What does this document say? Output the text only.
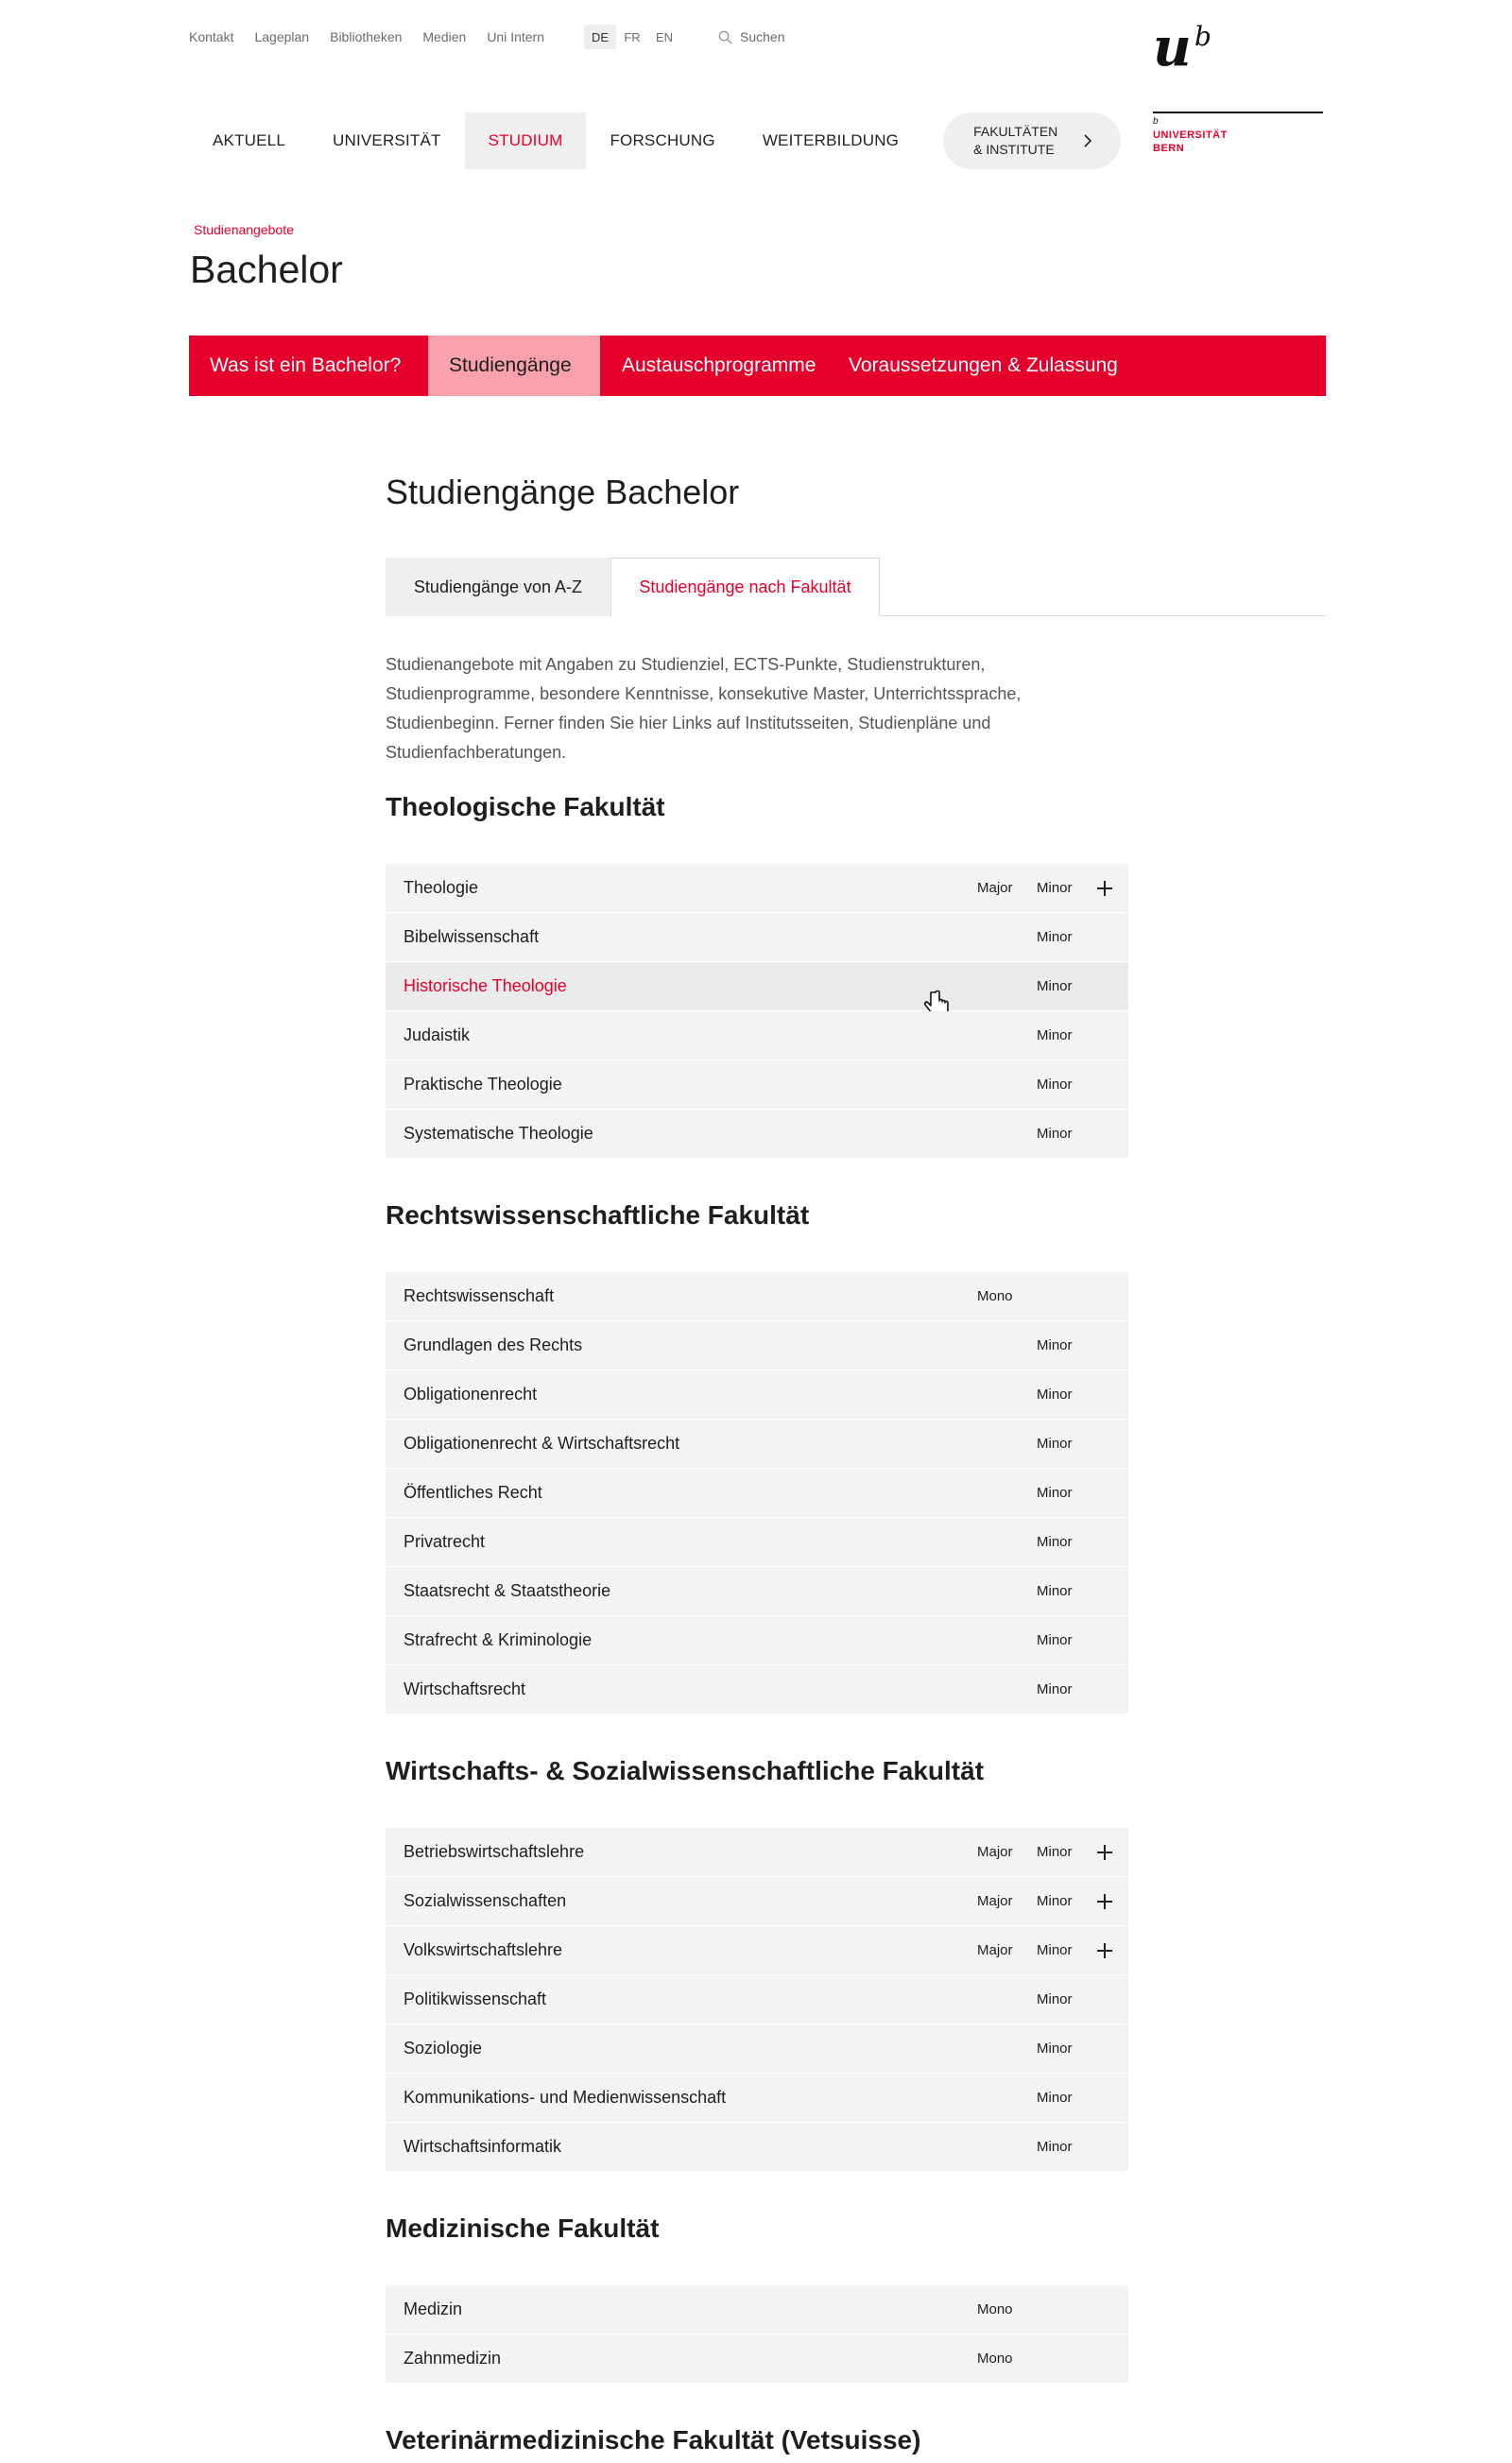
Kontakt Lageplan Bibliotheken Medien Uni Intern	DE	FR	EN	Suchen	u b
b
UNIVERSITÄT
BERN
AKTUELL	UNIVERSITÄT	STUDIUM	FORSCHUNG	WEITERBILDUNG	FAKULTÄTEN
& INSTITUTE
Studienangebote
Bachelor
Was ist ein Bachelor?	Studiengänge	Austauschprogramme	Voraussetzungen & Zulassung
Studiengänge Bachelor
Studiengänge von A-Z	Studiengänge nach Fakultät

Studienangebote mit Angaben zu Studienziel, ECTS-Punkte, Studienstrukturen, Studienprogramme, besondere Kenntnisse, konsekutive Master, Unterrichtssprache, Studienbeginn. Ferner finden Sie hier Links auf Institutsseiten, Studienpläne und Studienfachberatungen.

Theologische Fakultät
Theologie	Major Minor
Bibelwissenschaft	Minor
Historische Theologie	Minor
Judaistik	Minor
Praktische Theologie	Minor
Systematische Theologie	Minor
Rechtswissenschaftliche Fakultät
Rechtswissenschaft	Mono
Grundlagen des Rechts	Minor
Obligationenrecht	Minor
Obligationenrecht & Wirtschaftsrecht	Minor
Öffentliches Recht	Minor
Privatrecht	Minor
Staatsrecht & Staatstheorie	Minor
Strafrecht & Kriminologie	Minor
Wirtschaftsrecht	Minor
Wirtschafts- & Sozialwissenschaftliche Fakultät
Betriebswirtschaftslehre	Major Minor
Sozialwissenschaften	Major Minor
Volkswirtschaftslehre	Major Minor
Politikwissenschaft	Minor
Soziologie	Minor
Kommunikations- und Medienwissenschaft	Minor
Wirtschaftsinformatik	Minor
Medizinische Fakultät
Medizin	Mono
Zahnmedizin	Mono
Veterinärmedizinische Fakultät (Vetsuisse)
